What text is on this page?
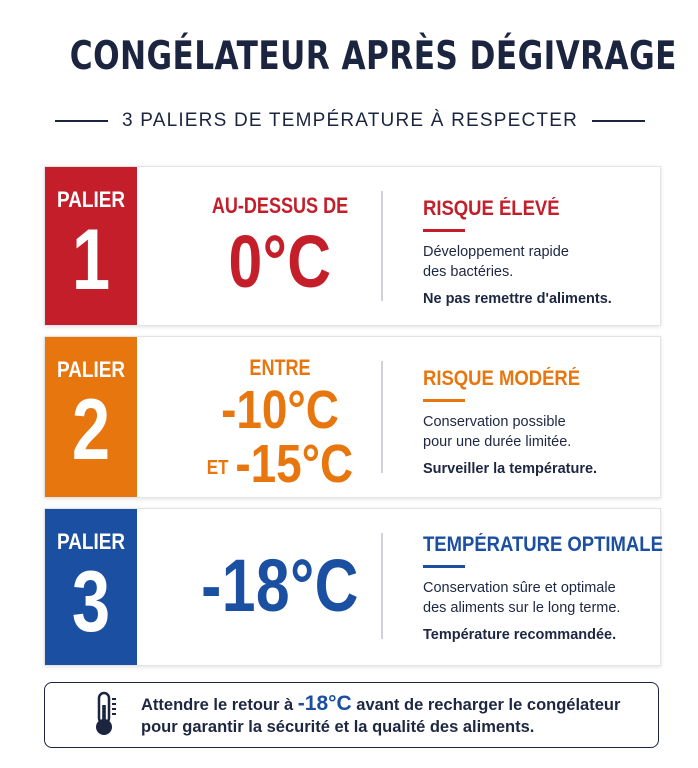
CONGÉLATEUR APRÈS DÉGIVRAGE
3 PALIERS DE TEMPÉRATURE À RESPECTER
PALIER
1
AU-DESSUS DE
0°C
RISQUE ÉLEVÉ
Développement rapide
des bactéries.
Ne pas remettre d'aliments.
PALIER
2
ENTRE
-10°C
ET -15°C
RISQUE MODÉRÉ
Conservation possible
pour une durée limitée.
Surveiller la température.
PALIER
3	-18°C	TEMPÉRATURE OPTIMALE
Conservation sûre et optimale
des aliments sur le long terme.
Température recommandée.
Attendre le retour à -18°C avant de recharger le congélateur
pour garantir la sécurité et la qualité des aliments.
